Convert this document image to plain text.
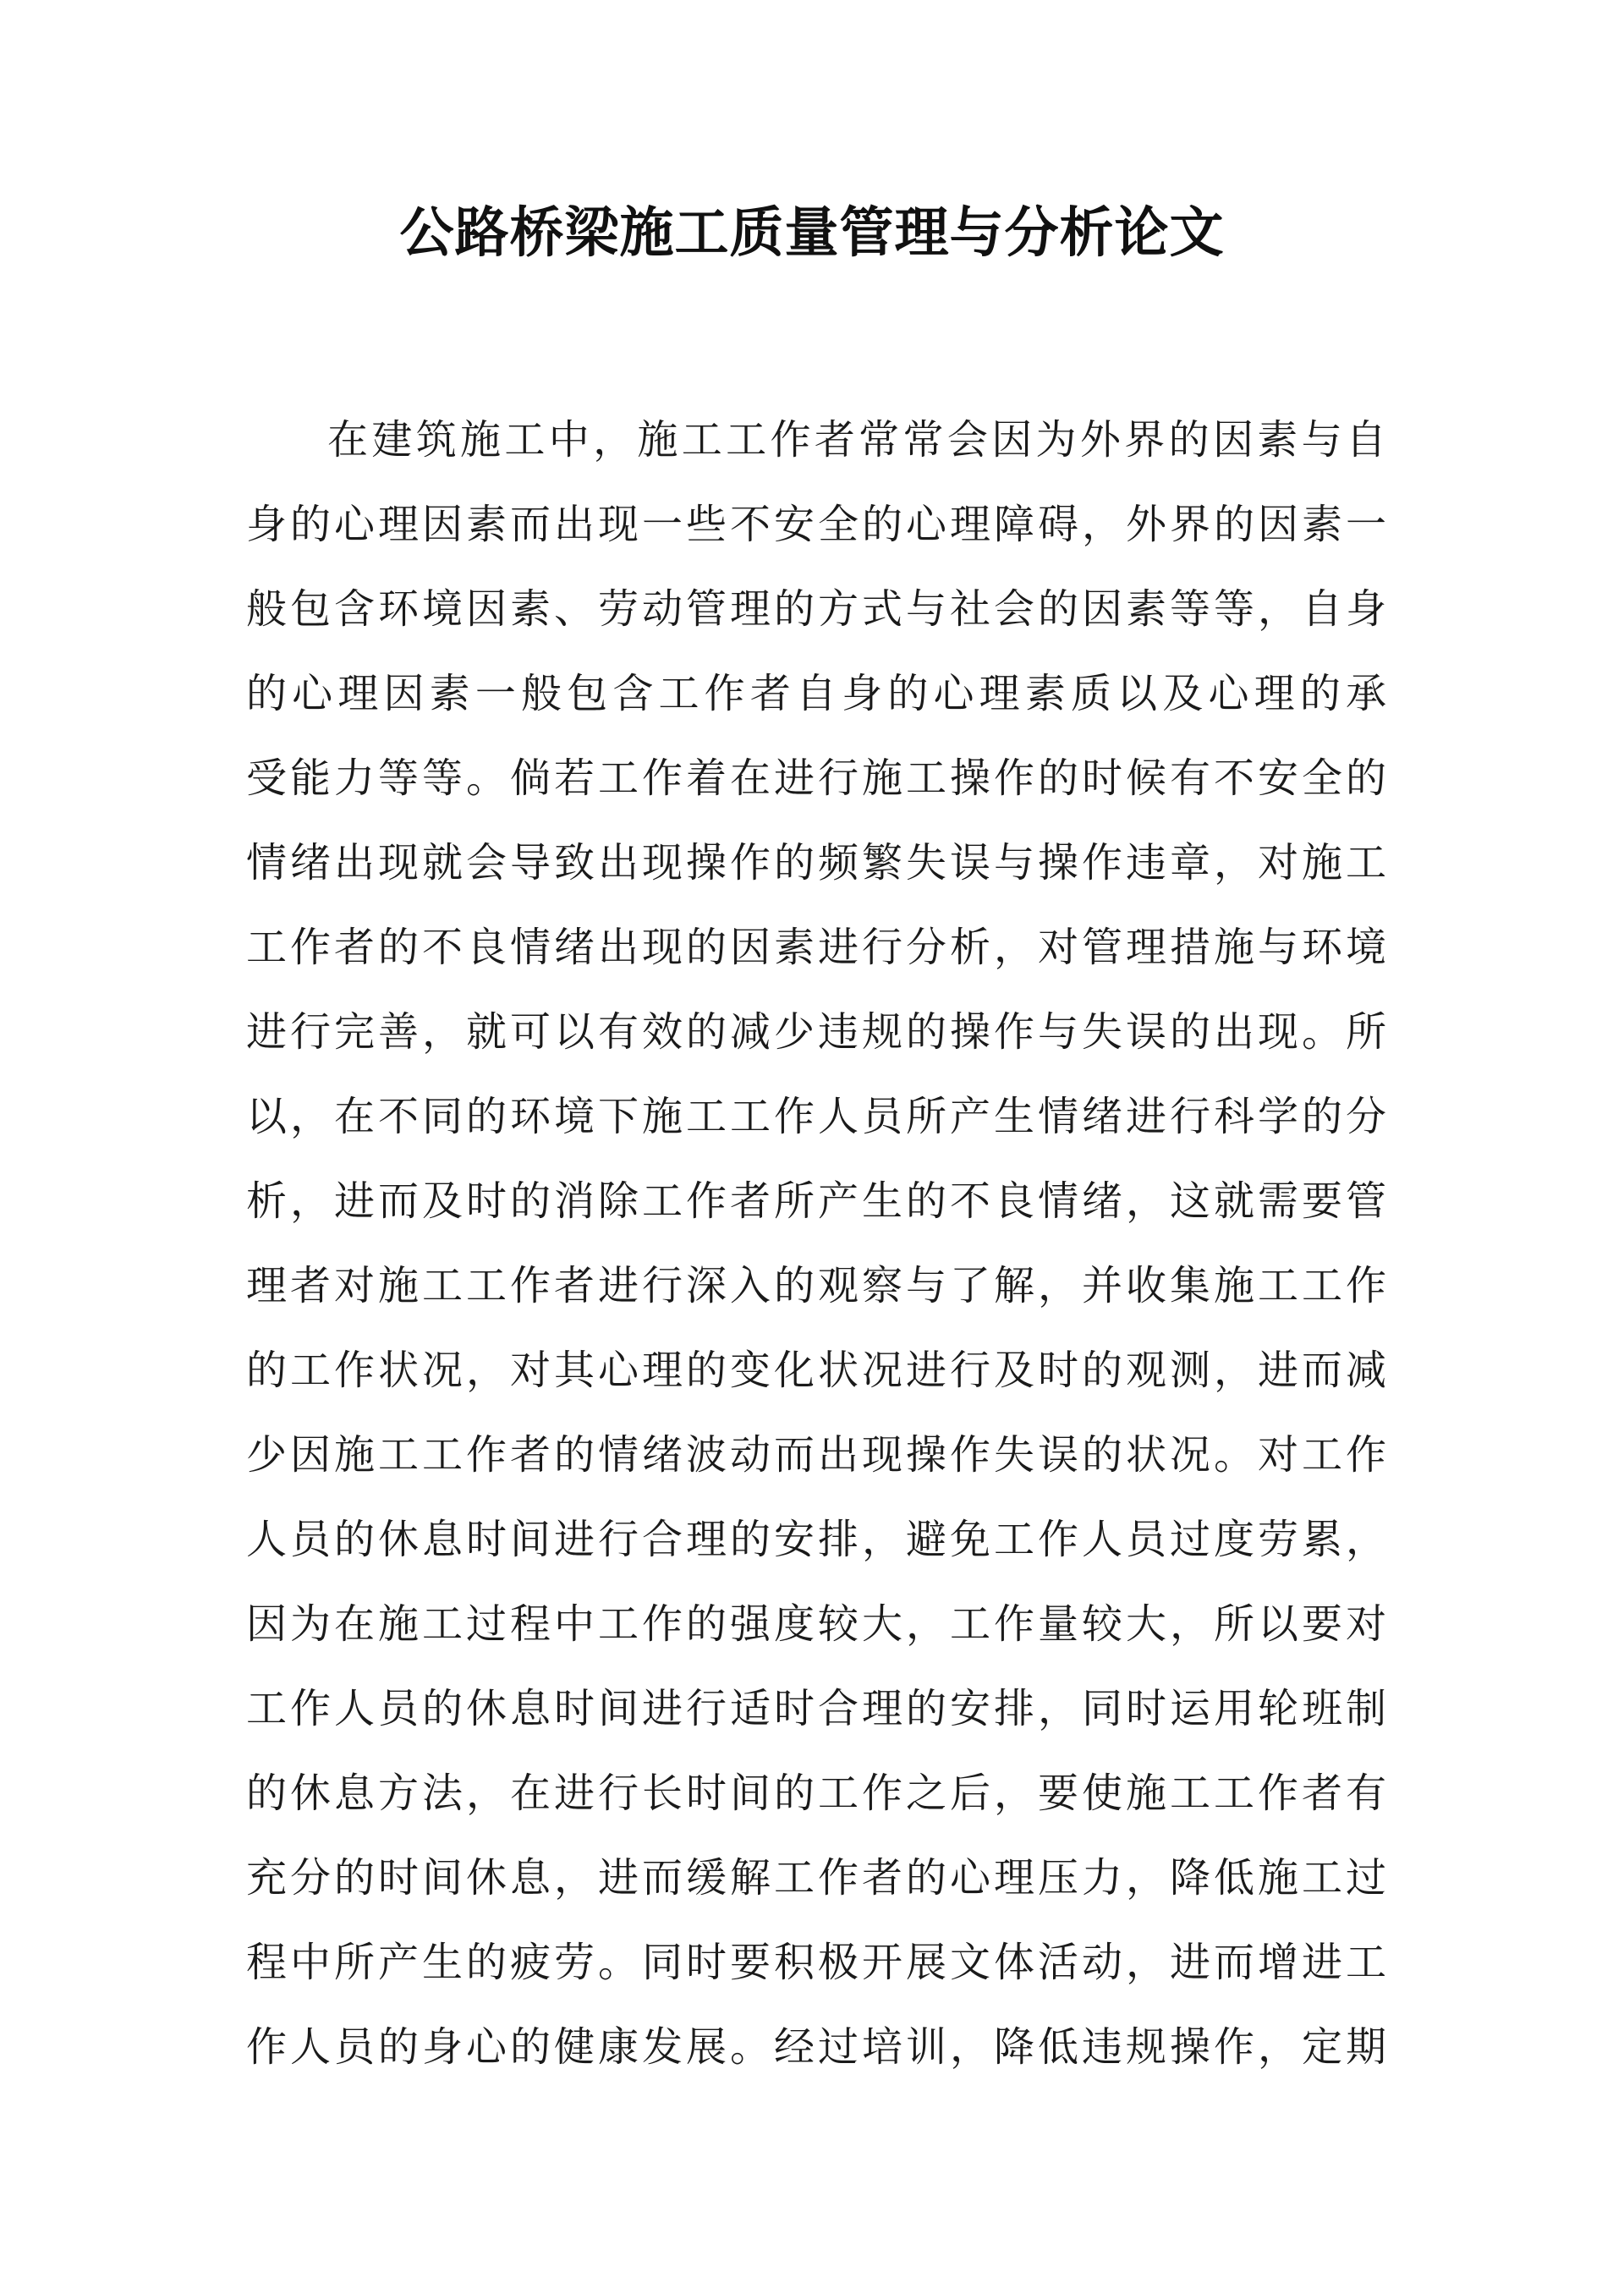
公路桥梁施工质量管理与分析论文
在建筑施工中，施工工作者常常会因为外界的因素与自
身的心理因素而出现一些不安全的心理障碍，外界的因素一
般包含环境因素、劳动管理的方式与社会的因素等等，自身
的心理因素一般包含工作者自身的心理素质以及心理的承
受能力等等。倘若工作着在进行施工操作的时候有不安全的
情绪出现就会导致出现操作的频繁失误与操作违章，对施工
工作者的不良情绪出现的因素进行分析，对管理措施与环境
进行完善，就可以有效的减少违规的操作与失误的出现。所
以，在不同的环境下施工工作人员所产生情绪进行科学的分
析，进而及时的消除工作者所产生的不良情绪，这就需要管
理者对施工工作者进行深入的观察与了解，并收集施工工作
的工作状况，对其心理的变化状况进行及时的观测，进而减
少因施工工作者的情绪波动而出现操作失误的状况。对工作
人员的休息时间进行合理的安排，避免工作人员过度劳累，
因为在施工过程中工作的强度较大，工作量较大，所以要对
工作人员的休息时间进行适时合理的安排，同时运用轮班制
的休息方法，在进行长时间的工作之后，要使施工工作者有
充分的时间休息，进而缓解工作者的心理压力，降低施工过
程中所产生的疲劳。同时要积极开展文体活动，进而增进工
作人员的身心的健康发展。经过培训，降低违规操作，定期
